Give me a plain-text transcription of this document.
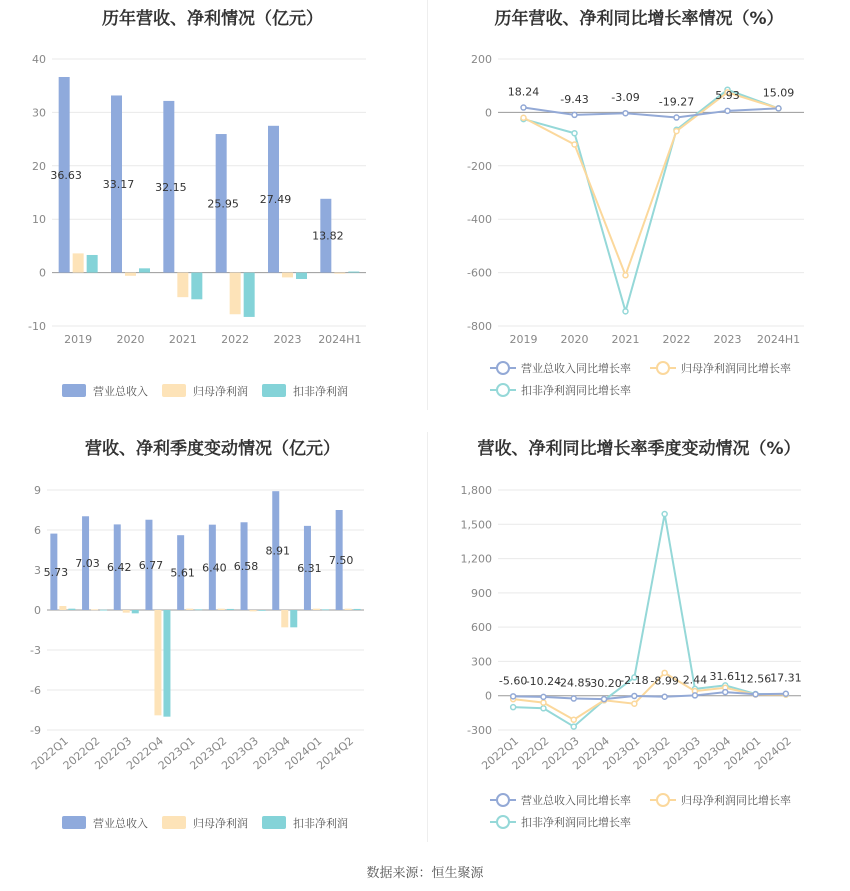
历年营收、净利情况（亿元）
-10
0
10
20
30
40
2019
36.63
2020
33.17
2021
32.15
2022
25.95
2023
27.49
2024H1
13.82
营业总收入	归母净利润	扣非净利润
历年营收、净利同比增长率情况（%）
-800
-600
-400
-200
0
200
2019 2020 2021 2022 2023 2024H1
18.24
-9.43 -3.09 -19.27
5.93 15.09
营业总收入同比增长率	归母净利润同比增长率
扣非净利润同比增长率
营收、净利季度变动情况（亿元）
-9
-6
-3
0
3
6
9
2022Q1
5.73
2022Q2
7.03
2022Q3
6.42
2022Q4
6.77
2023Q1
5.61
2023Q2
6.40
2023Q3
6.58
2023Q4
8.91
2024Q1
6.31
2024Q2
7.50
营业总收入	归母净利润	扣非净利润
营收、净利同比增长率季度变动情况（%）
-300
0
300
600
900
1,200
1,500
1,800
2022Q1
2022Q2
2022Q3
2022Q4
2023Q1
2023Q2
2023Q3
2023Q4
2024Q1
2024Q2
-5.60
-10.24
-24.85
-30.20
-2.18 -8.99 2.44 31.61
12.56
17.31
营业总收入同比增长率	归母净利润同比增长率
扣非净利润同比增长率
数据来源：恒生聚源
